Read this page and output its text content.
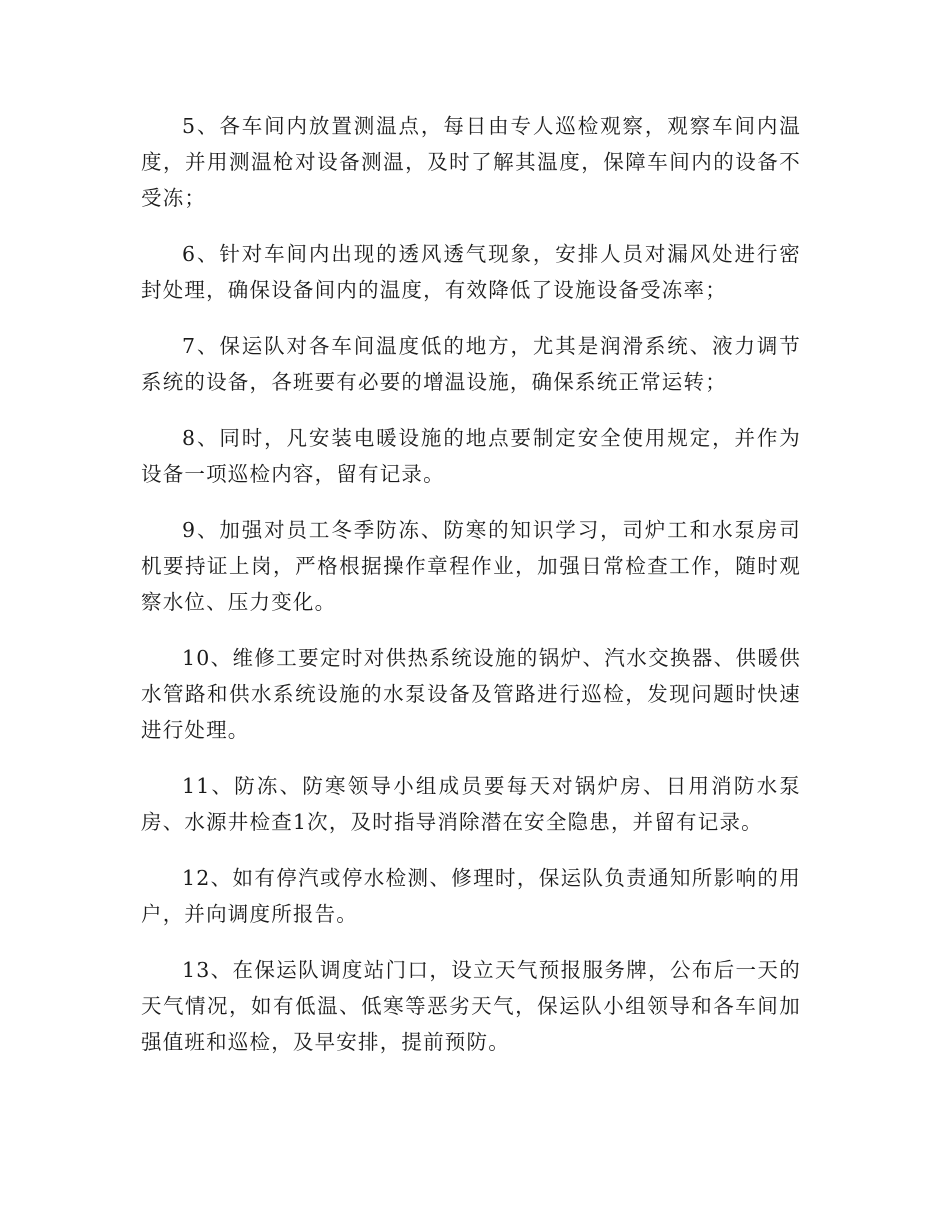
5、各车间内放置测温点，每日由专人巡检观察，观察车间内温度，并用测温枪对设备测温，及时了解其温度，保障车间内的设备不受冻；

6、针对车间内出现的透风透气现象，安排人员对漏风处进行密封处理，确保设备间内的温度，有效降低了设施设备受冻率；

7、保运队对各车间温度低的地方，尤其是润滑系统、液力调节系统的设备，各班要有必要的增温设施，确保系统正常运转；

8、同时，凡安装电暖设施的地点要制定安全使用规定，并作为设备一项巡检内容，留有记录。

9、加强对员工冬季防冻、防寒的知识学习，司炉工和水泵房司机要持证上岗，严格根据操作章程作业，加强日常检查工作，随时观察水位、压力变化。

10、维修工要定时对供热系统设施的锅炉、汽水交换器、供暖供水管路和供水系统设施的水泵设备及管路进行巡检，发现问题时快速进行处理。

11、防冻、防寒领导小组成员要每天对锅炉房、日用消防水泵房、水源井检查1次，及时指导消除潜在安全隐患，并留有记录。

12、如有停汽或停水检测、修理时，保运队负责通知所影响的用户，并向调度所报告。

13、在保运队调度站门口，设立天气预报服务牌，公布后一天的天气情况，如有低温、低寒等恶劣天气，保运队小组领导和各车间加强值班和巡检，及早安排，提前预防。
